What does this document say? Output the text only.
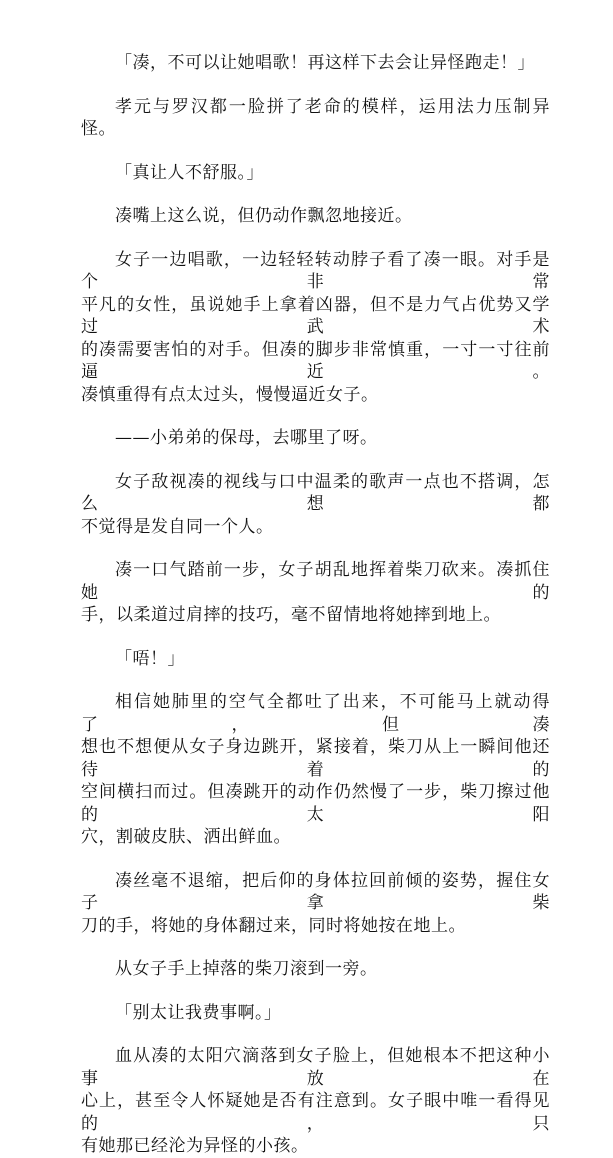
「凑，不可以让她唱歌！再这样下去会让异怪跑走！」
孝元与罗汉都一脸拼了老命的模样，运用法力压制异怪。
「真让人不舒服。」
凑嘴上这么说，但仍动作飘忽地接近。
女子一边唱歌，一边轻轻转动脖子看了凑一眼。对手是个非常
平凡的女性，虽说她手上拿着凶器，但不是力气占优势又学过武术
的凑需要害怕的对手。但凑的脚步非常慎重，一寸一寸往前逼近。
凑慎重得有点太过头，慢慢逼近女子。
——小弟弟的保母，去哪里了呀。
女子敌视凑的视线与口中温柔的歌声一点也不搭调，怎么想都
不觉得是发自同一个人。
凑一口气踏前一步，女子胡乱地挥着柴刀砍来。凑抓住她的
手，以柔道过肩摔的技巧，毫不留情地将她摔到地上。
「唔！」
相信她肺里的空气全都吐了出来，不可能马上就动得了，但凑
想也不想便从女子身边跳开，紧接着，柴刀从上一瞬间他还待着的
空间横扫而过。但凑跳开的动作仍然慢了一步，柴刀擦过他的太阳
穴，割破皮肤、洒出鲜血。
凑丝毫不退缩，把后仰的身体拉回前倾的姿势，握住女子拿柴
刀的手，将她的身体翻过来，同时将她按在地上。
从女子手上掉落的柴刀滚到一旁。
「别太让我费事啊。」
血从凑的太阳穴滴落到女子脸上，但她根本不把这种小事放在
心上，甚至令人怀疑她是否有注意到。女子眼中唯一看得见的，只
有她那已经沦为异怪的小孩。
